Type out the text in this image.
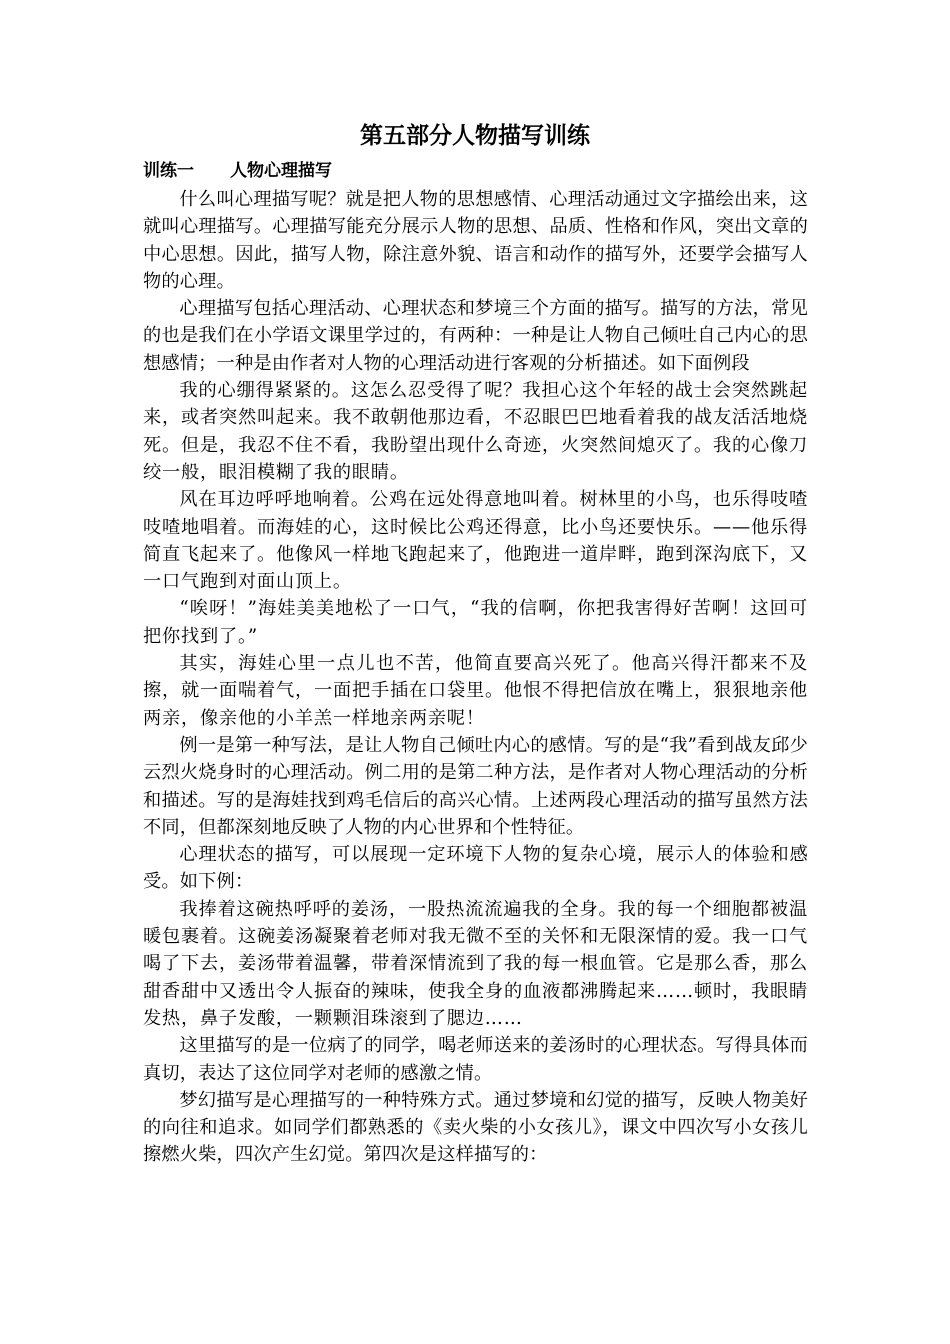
第五部分人物描写训练
训练一 人物心理描写

什么叫心理描写呢？就是把人物的思想感情、心理活动通过文字描绘出来，这就叫心理描写。心理描写能充分展示人物的思想、品质、性格和作风，突出文章的中心思想。因此，描写人物，除注意外貌、语言和动作的描写外，还要学会描写人物的心理。

心理描写包括心理活动、心理状态和梦境三个方面的描写。描写的方法，常见的也是我们在小学语文课里学过的，有两种：一种是让人物自己倾吐自己内心的思想感情；一种是由作者对人物的心理活动进行客观的分析描述。如下面例段

我的心绷得紧紧的。这怎么忍受得了呢？我担心这个年轻的战士会突然跳起来，或者突然叫起来。我不敢朝他那边看，不忍眼巴巴地看着我的战友活活地烧死。但是，我忍不住不看，我盼望出现什么奇迹，火突然间熄灭了。我的心像刀绞一般，眼泪模糊了我的眼睛。

风在耳边呼呼地响着。公鸡在远处得意地叫着。树林里的小鸟，也乐得吱喳吱喳地唱着。而海娃的心，这时候比公鸡还得意，比小鸟还要快乐。——他乐得简直飞起来了。他像风一样地飞跑起来了，他跑进一道岸畔，跑到深沟底下，又一口气跑到对面山顶上。

“唉呀！”海娃美美地松了一口气，“我的信啊，你把我害得好苦啊！这回可把你找到了。”

其实，海娃心里一点儿也不苦，他简直要高兴死了。他高兴得汗都来不及擦，就一面喘着气，一面把手插在口袋里。他恨不得把信放在嘴上，狠狠地亲他两亲，像亲他的小羊羔一样地亲两亲呢！

例一是第一种写法，是让人物自己倾吐内心的感情。写的是“我”看到战友邱少云烈火烧身时的心理活动。例二用的是第二种方法，是作者对人物心理活动的分析和描述。写的是海娃找到鸡毛信后的高兴心情。上述两段心理活动的描写虽然方法不同，但都深刻地反映了人物的内心世界和个性特征。

心理状态的描写，可以展现一定环境下人物的复杂心境，展示人的体验和感受。如下例：

我捧着这碗热呼呼的姜汤，一股热流流遍我的全身。我的每一个细胞都被温暖包裹着。这碗姜汤凝聚着老师对我无微不至的关怀和无限深情的爱。我一口气喝了下去，姜汤带着温馨，带着深情流到了我的每一根血管。它是那么香，那么甜香甜中又透出令人振奋的辣味，使我全身的血液都沸腾起来……顿时，我眼睛发热，鼻子发酸，一颗颗泪珠滚到了腮边……

这里描写的是一位病了的同学，喝老师送来的姜汤时的心理状态。写得具体而真切，表达了这位同学对老师的感激之情。

梦幻描写是心理描写的一种特殊方式。通过梦境和幻觉的描写，反映人物美好的向往和追求。如同学们都熟悉的《卖火柴的小女孩儿》，课文中四次写小女孩儿擦燃火柴，四次产生幻觉。第四次是这样描写的：
